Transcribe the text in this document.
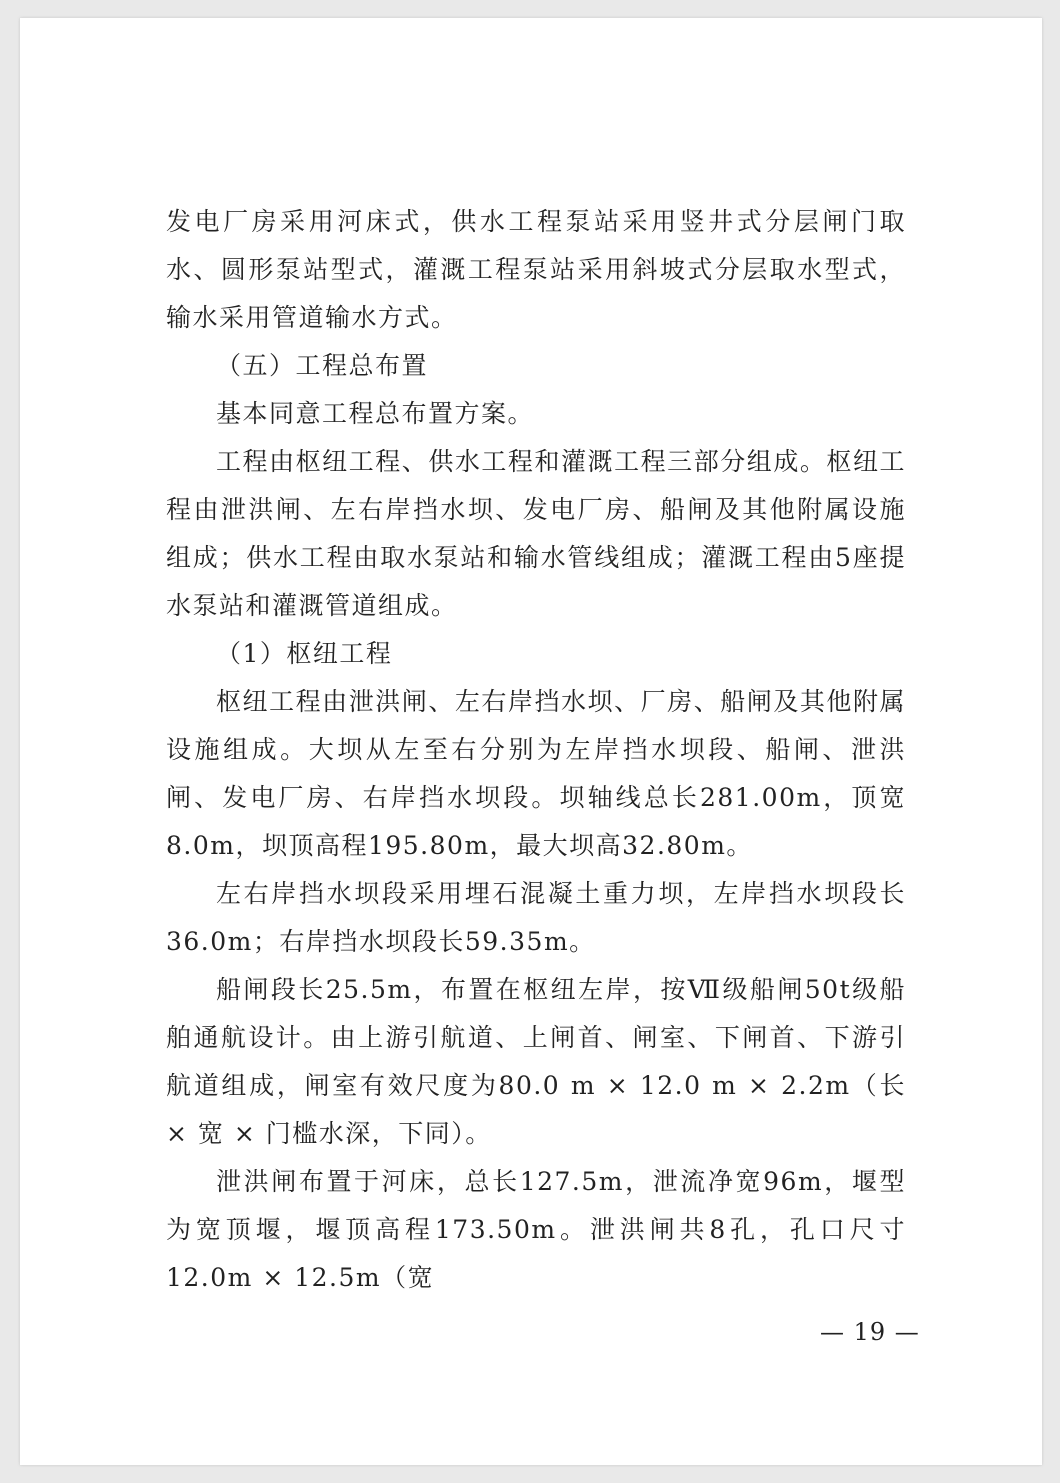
发电厂房采用河床式，供水工程泵站采用竖井式分层闸门取水、圆形泵站型式，灌溉工程泵站采用斜坡式分层取水型式，输水采用管道输水方式。

（五）工程总布置

基本同意工程总布置方案。

工程由枢纽工程、供水工程和灌溉工程三部分组成。枢纽工程由泄洪闸、左右岸挡水坝、发电厂房、船闸及其他附属设施组成；供水工程由取水泵站和输水管线组成；灌溉工程由5座提水泵站和灌溉管道组成。

（1）枢纽工程

枢纽工程由泄洪闸、左右岸挡水坝、厂房、船闸及其他附属设施组成。大坝从左至右分别为左岸挡水坝段、船闸、泄洪闸、发电厂房、右岸挡水坝段。坝轴线总长281.00m，顶宽8.0m，坝顶高程195.80m，最大坝高32.80m。

左右岸挡水坝段采用埋石混凝土重力坝，左岸挡水坝段长36.0m；右岸挡水坝段长59.35m。

船闸段长25.5m，布置在枢纽左岸，按Ⅶ级船闸50t级船舶通航设计。由上游引航道、上闸首、闸室、下闸首、下游引航道组成，闸室有效尺度为80.0 m × 12.0 m × 2.2m（长 × 宽 × 门槛水深，下同）。

泄洪闸布置于河床，总长127.5m，泄流净宽96m，堰型为宽顶堰，堰顶高程173.50m。泄洪闸共8孔，孔口尺寸12.0m × 12.5m（宽

— 19 —
